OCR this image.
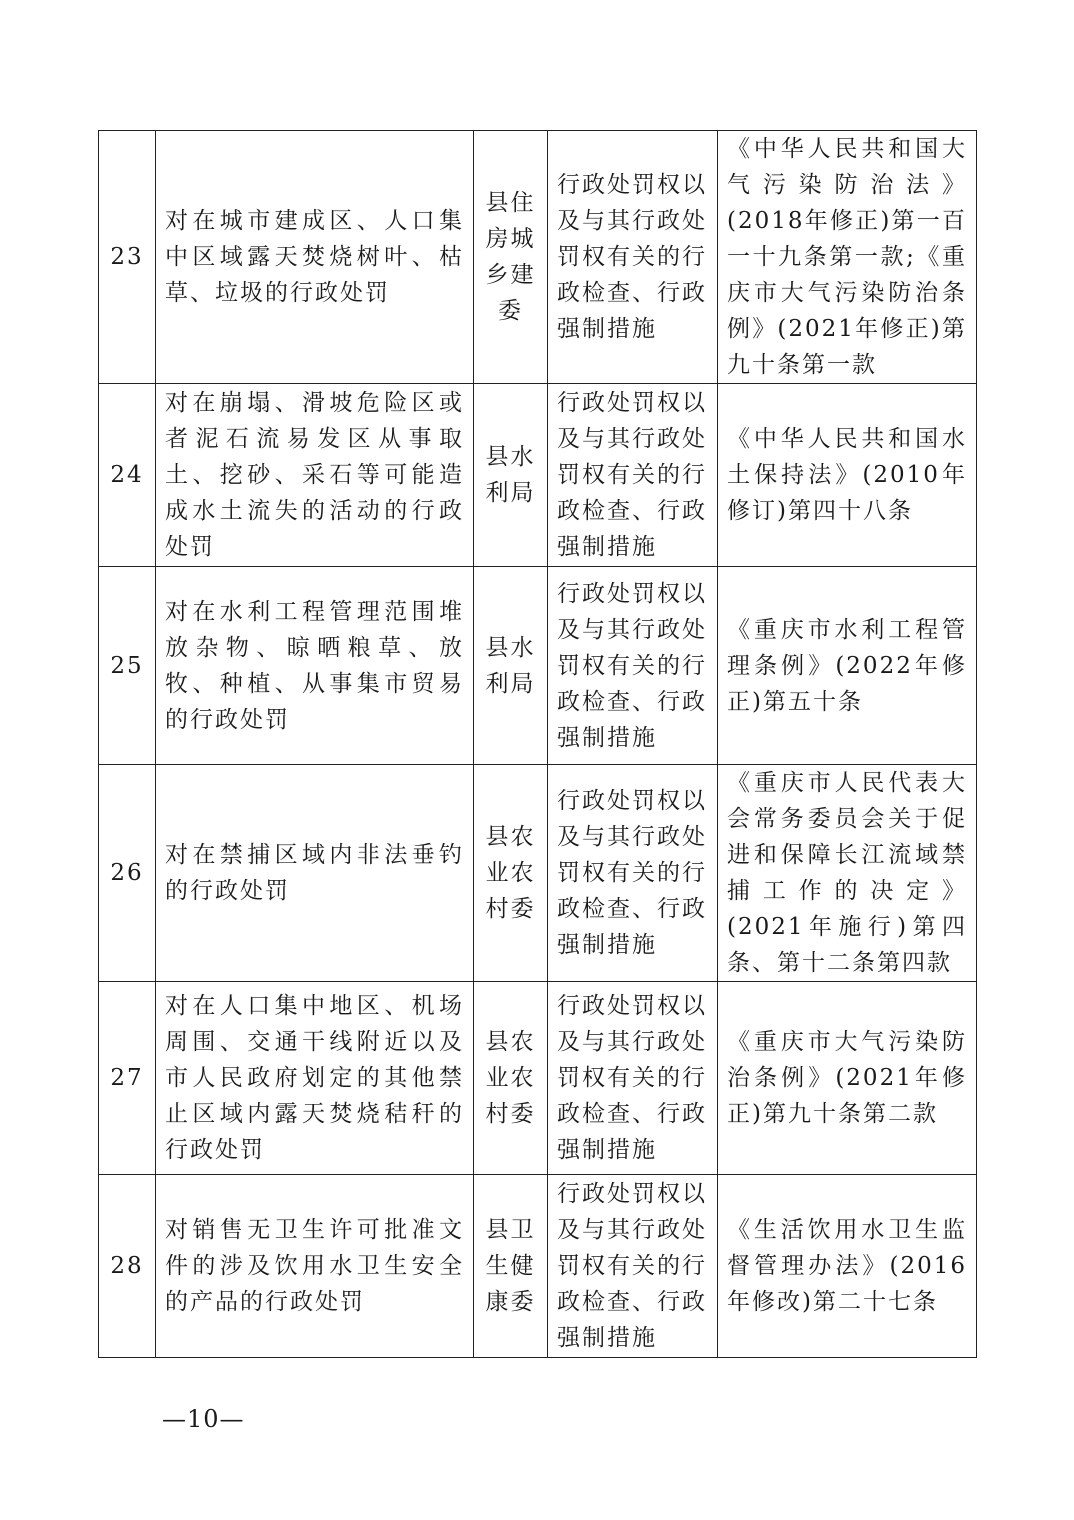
23	对在城市建成区、人口集中区域露天焚烧树叶、枯草、垃圾的行政处罚	县住房城乡建委	行政处罚权以及与其行政处罚权有关的行政检查、行政强制措施	《中华人民共和国大气污染防治法》(2018年修正)第一百一十九条第一款;《重庆市大气污染防治条例》(2021年修正)第九十条第一款
24	对在崩塌、滑坡危险区或者泥石流易发区从事取土、挖砂、采石等可能造成水土流失的活动的行政处罚	县水利局	行政处罚权以及与其行政处罚权有关的行政检查、行政强制措施	《中华人民共和国水土保持法》(2010年修订)第四十八条
25	对在水利工程管理范围堆放杂物、晾晒粮草、放牧、种植、从事集市贸易的行政处罚	县水利局	行政处罚权以及与其行政处罚权有关的行政检查、行政强制措施	《重庆市水利工程管理条例》(2022年修正)第五十条
26	对在禁捕区域内非法垂钓的行政处罚	县农业农村委	行政处罚权以及与其行政处罚权有关的行政检查、行政强制措施	《重庆市人民代表大会常务委员会关于促进和保障长江流域禁捕工作的决定》(2021年施行)第四条、第十二条第四款
27	对在人口集中地区、机场周围、交通干线附近以及市人民政府划定的其他禁止区域内露天焚烧秸秆的行政处罚	县农业农村委	行政处罚权以及与其行政处罚权有关的行政检查、行政强制措施	《重庆市大气污染防治条例》(2021年修正)第九十条第二款
28	对销售无卫生许可批准文件的涉及饮用水卫生安全的产品的行政处罚	县卫生健康委	行政处罚权以及与其行政处罚权有关的行政检查、行政强制措施	《生活饮用水卫生监督管理办法》(2016年修改)第二十七条
—10—
